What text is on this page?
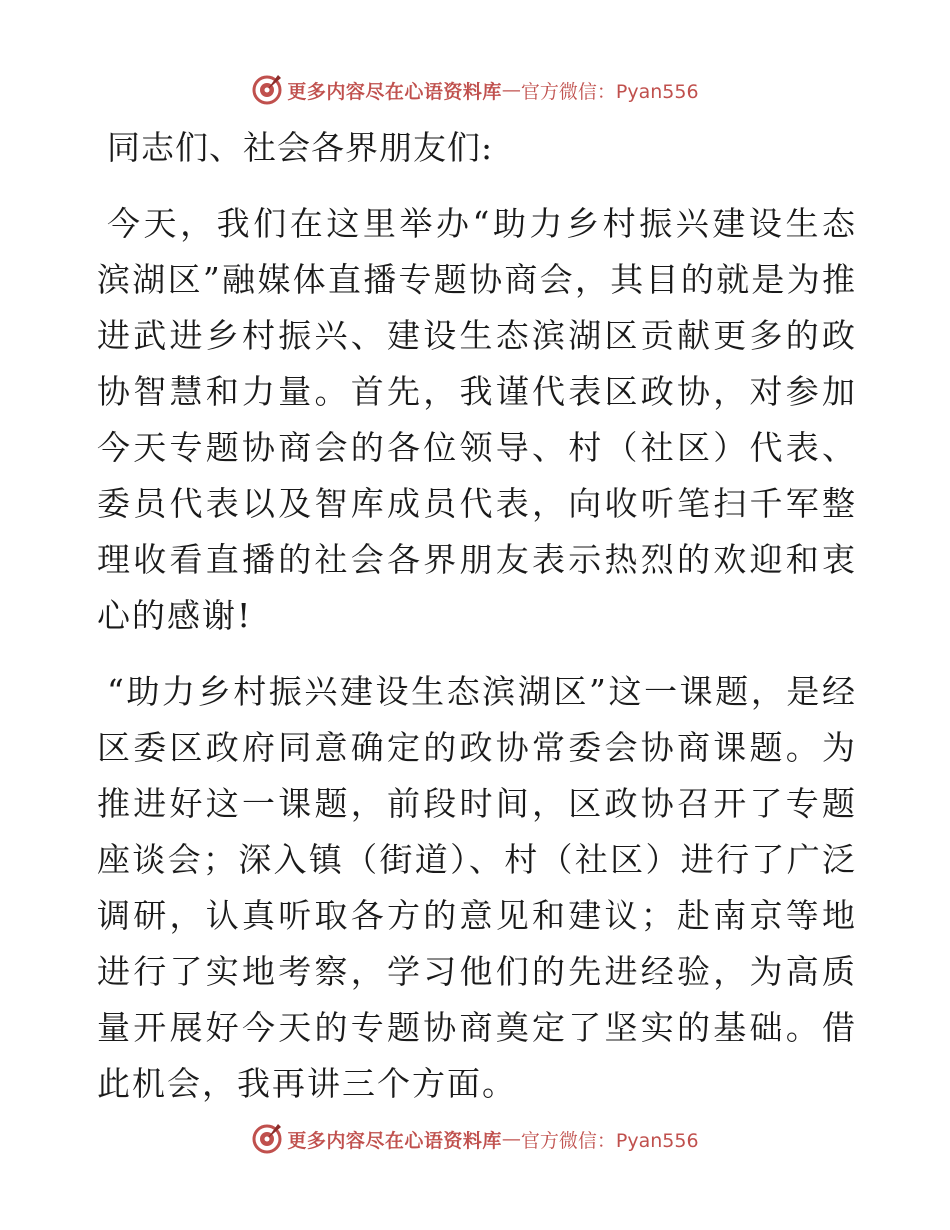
更多内容尽在心语资料库 — 官方微信：Pyan556
同志们、社会各界朋友们:
今天，我们在这里举办“助力乡村振兴建设生态滨湖区”融媒体直播专题协商会，其目的就是为推进武进乡村振兴、建设生态滨湖区贡献更多的政协智慧和力量。首先，我谨代表区政协，对参加今天专题协商会的各位领导、村（社区）代表、委员代表以及智库成员代表，向收听笔扫千军整理收看直播的社会各界朋友表示热烈的欢迎和衷心的感谢!
“助力乡村振兴建设生态滨湖区”这一课题，是经区委区政府同意确定的政协常委会协商课题。为推进好这一课题，前段时间，区政协召开了专题座谈会；深入镇（街道）、村（社区）进行了广泛调研，认真听取各方的意见和建议；赴南京等地进行了实地考察，学习他们的先进经验，为高质量开展好今天的专题协商奠定了坚实的基础。借此机会，我再讲三个方面。
更多内容尽在心语资料库 — 官方微信：Pyan556
